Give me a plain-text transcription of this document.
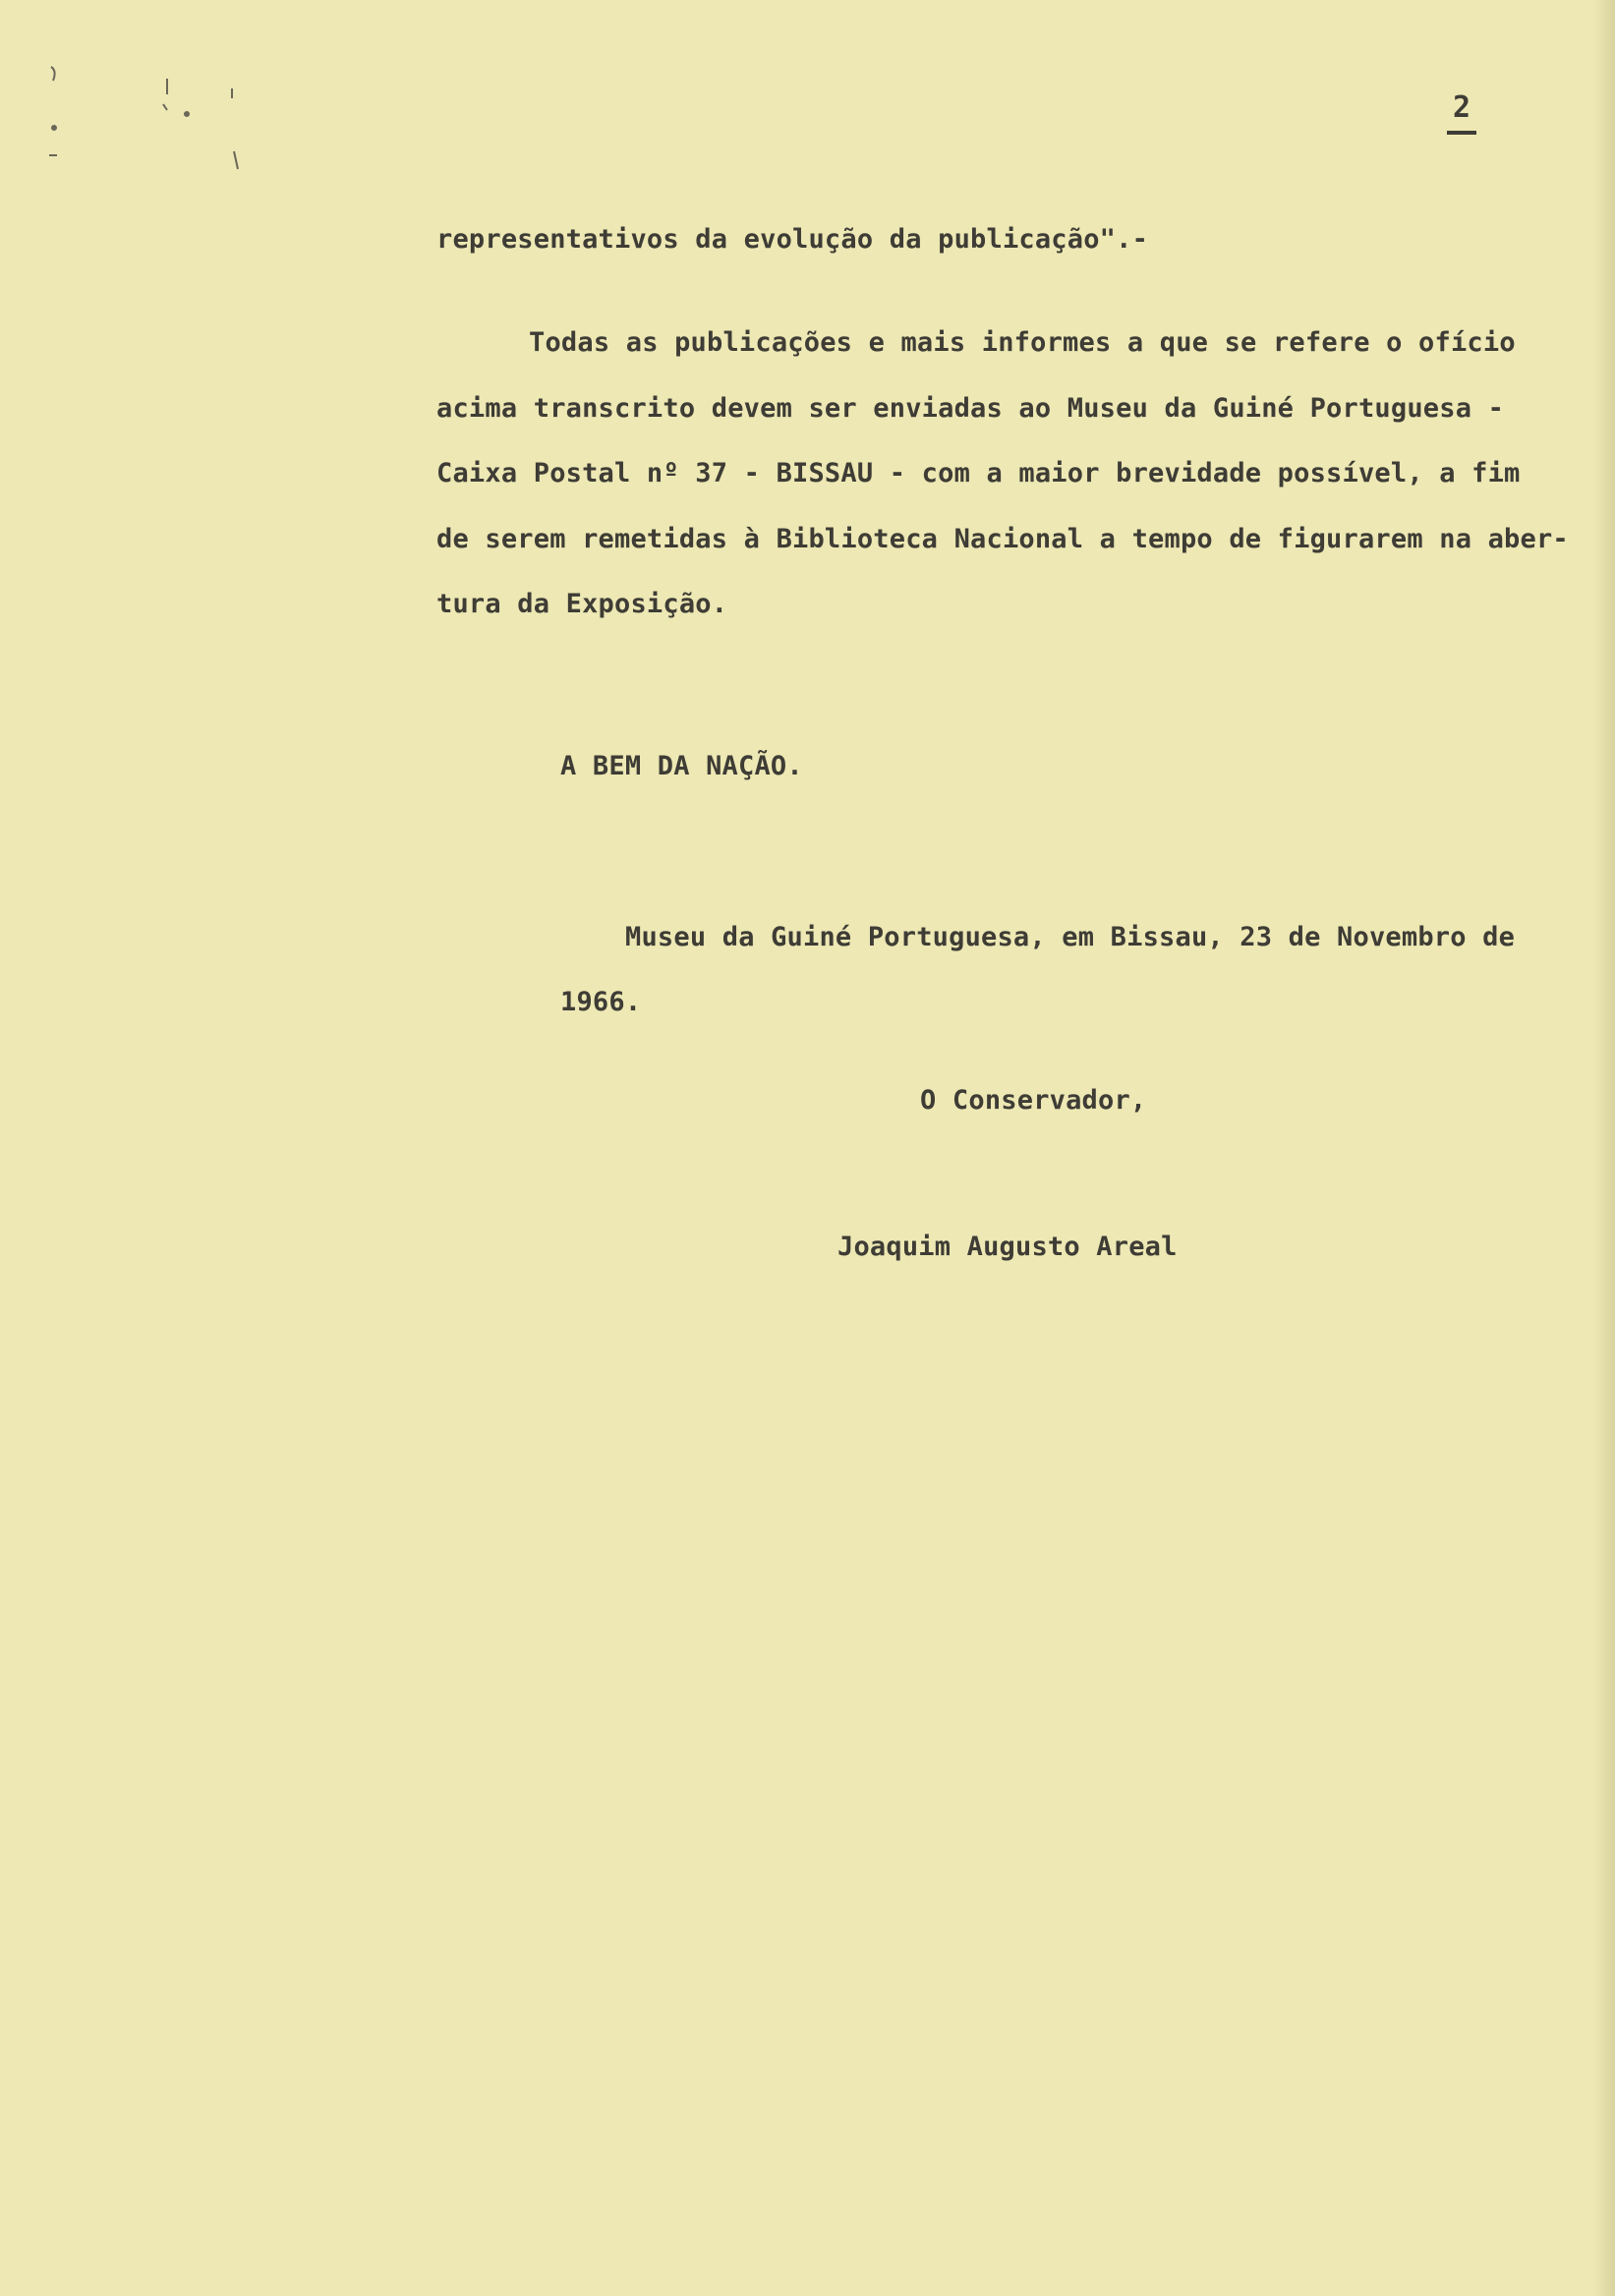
2
representativos da evolução da publicação".-
Todas as publicações e mais informes a que se refere o ofício
acima transcrito devem ser enviadas ao Museu da Guiné Portuguesa -
Caixa Postal nº 37 - BISSAU - com a maior brevidade possível, a fim
de serem remetidas à Biblioteca Nacional a tempo de figurarem na aber-
tura da Exposição.
A BEM DA NAÇÃO.
Museu da Guiné Portuguesa, em Bissau, 23 de Novembro de
1966.
O Conservador,
Joaquim Augusto Areal
